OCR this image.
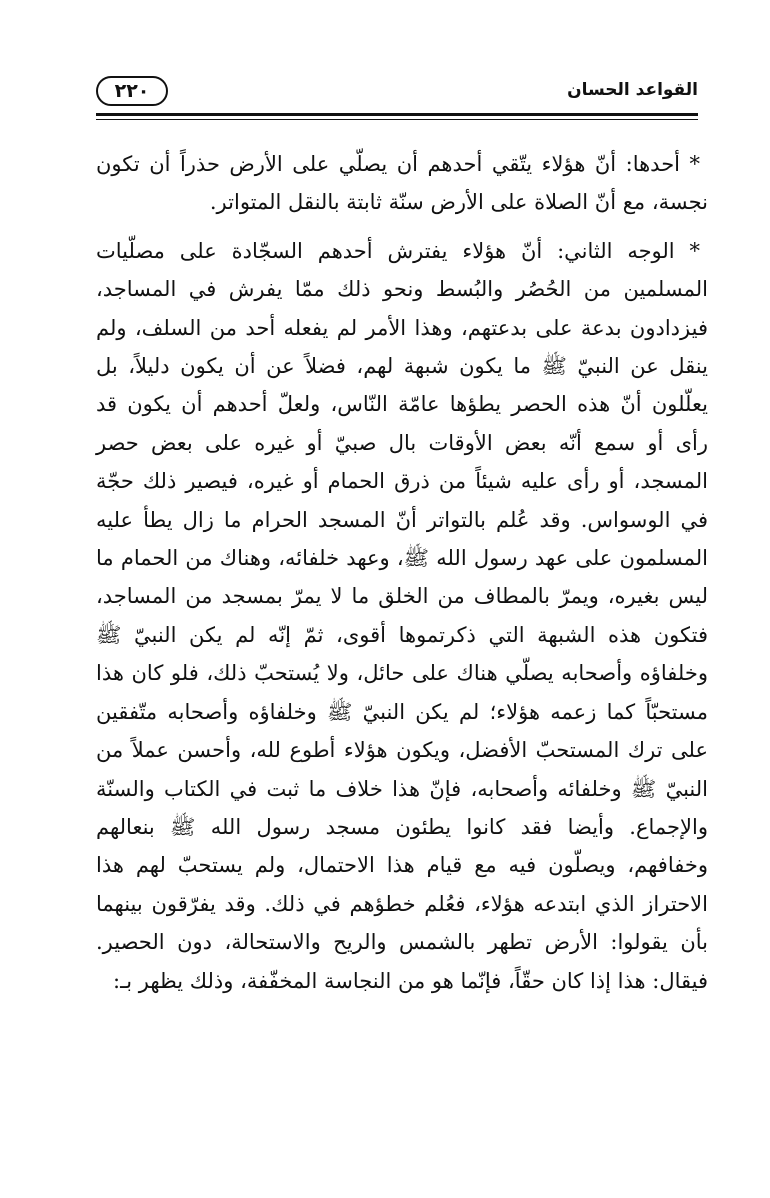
القواعد الحسان
٢٢٠

* أحدها: أنّ هؤلاء يتّقي أحدهم أن يصلّي على الأرض حذراً أن تكون نجسة، مع أنّ الصلاة على الأرض سنّة ثابتة بالنقل المتواتر.

* الوجه الثاني: أنّ هؤلاء يفترش أحدهم السجّادة على مصلّيات المسلمين من الحُصُر والبُسط ونحو ذلك ممّا يفرش في المساجد، فيزدادون بدعة على بدعتهم، وهذا الأمر لم يفعله أحد من السلف، ولم ينقل عن النبيّ ﷺ ما يكون شبهة لهم، فضلاً عن أن يكون دليلاً، بل يعلّلون أنّ هذه الحصر يطؤها عامّة النّاس، ولعلّ أحدهم أن يكون قد رأى أو سمع أنّه بعض الأوقات بال صبيّ أو غيره على بعض حصر المسجد، أو رأى عليه شيئاً من ذرق الحمام أو غيره، فيصير ذلك حجّة في الوسواس. وقد عُلم بالتواتر أنّ المسجد الحرام ما زال يطأ عليه المسلمون على عهد رسول الله ﷺ، وعهد خلفائه، وهناك من الحمام ما ليس بغيره، ويمرّ بالمطاف من الخلق ما لا يمرّ بمسجد من المساجد، فتكون هذه الشبهة التي ذكرتموها أقوى، ثمّ إنّه لم يكن النبيّ ﷺ وخلفاؤه وأصحابه يصلّي هناك على حائل، ولا يُستحبّ ذلك، فلو كان هذا مستحبّاً كما زعمه هؤلاء؛ لم يكن النبيّ ﷺ وخلفاؤه وأصحابه متّفقين على ترك المستحبّ الأفضل، ويكون هؤلاء أطوع لله، وأحسن عملاً من النبيّ ﷺ وخلفائه وأصحابه، فإنّ هذا خلاف ما ثبت في الكتاب والسنّة والإجماع. وأيضا فقد كانوا يطئون مسجد رسول الله ﷺ بنعالهم وخفافهم، ويصلّون فيه مع قيام هذا الاحتمال، ولم يستحبّ لهم هذا الاحتراز الذي ابتدعه هؤلاء، فعُلم خطؤهم في ذلك. وقد يفرّقون بينهما بأن يقولوا: الأرض تطهر بالشمس والريح والاستحالة، دون الحصير. فيقال: هذا إذا كان حقّاً، فإنّما هو من النجاسة المخفّفة، وذلك يظهر بـ:
